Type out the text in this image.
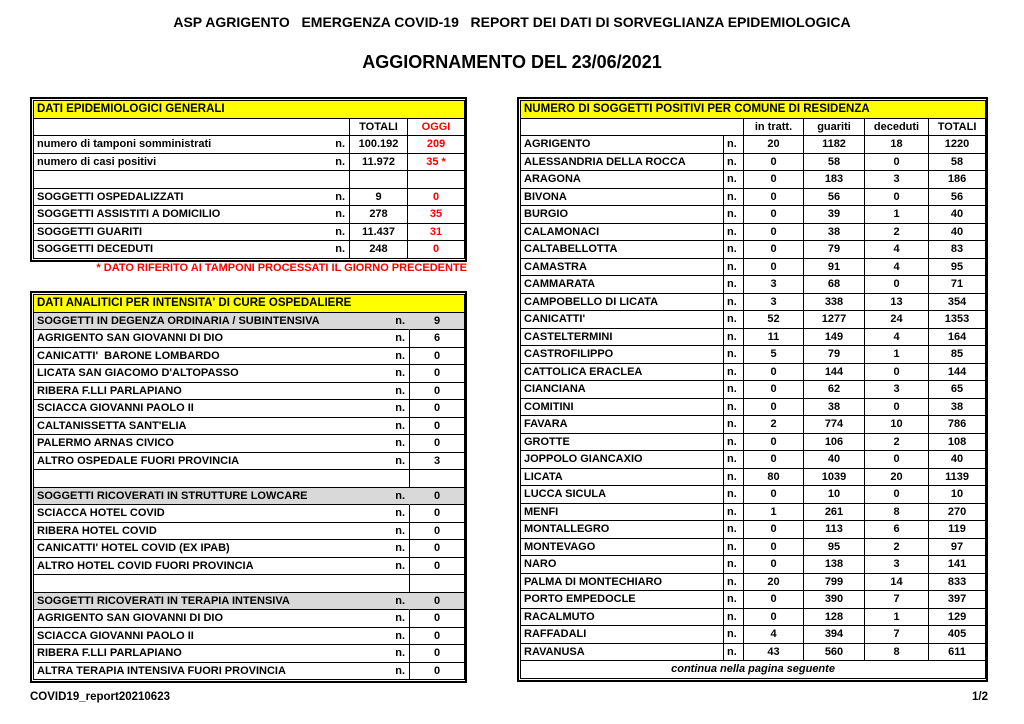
ASP AGRIGENTO   EMERGENZA COVID-19   REPORT DEI DATI DI SORVEGLIANZA EPIDEMIOLOGICA
AGGIORNAMENTO DEL 23/06/2021
DATI EPIDEMIOLOGICI GENERALI		
	TOTALI	OGGI

numero di tamponi somministrati n.	100.192	209

numero di casi positivi n.	11.972	35 *

SOGGETTI OSPEDALIZZATI n.	9	0

SOGGETTI ASSISTITI A DOMICILIO n.	278	35

SOGGETTI GUARITI n.	11.437	31

SOGGETTI DECEDUTI n.	248	0
* DATO RIFERITO AI TAMPONI PROCESSATI IL GIORNO PRECEDENTE
DATI ANALITICI PER INTENSITA' DI CURE OSPEDALIERE	

SOGGETTI IN DEGENZA ORDINARIA / SUBINTENSIVA n.	9

AGRIGENTO SAN GIOVANNI DI DIO n.	6

CANICATTI'  BARONE LOMBARDO n.	0

LICATA SAN GIACOMO D'ALTOPASSO n.	0

RIBERA F.LLI PARLAPIANO n.	0

SCIACCA GIOVANNI PAOLO II n.	0

CALTANISSETTA SANT'ELIA n.	0

PALERMO ARNAS CIVICO n.	0

ALTRO OSPEDALE FUORI PROVINCIA n.	3

SOGGETTI RICOVERATI IN STRUTTURE LOWCARE n.	0

SCIACCA HOTEL COVID n.	0

RIBERA HOTEL COVID n.	0

CANICATTI' HOTEL COVID (EX IPAB) n.	0

ALTRO HOTEL COVID FUORI PROVINCIA n.	0

SOGGETTI RICOVERATI IN TERAPIA INTENSIVA n.	0

AGRIGENTO SAN GIOVANNI DI DIO n.	0

SCIACCA GIOVANNI PAOLO II n.	0

RIBERA F.LLI PARLAPIANO n.	0

ALTRA TERAPIA INTENSIVA FUORI PROVINCIA n.	0
NUMERO DI SOGGETTI POSITIVI PER COMUNE DI RESIDENZA					
		in tratt.	guariti	deceduti	TOTALI
AGRIGENTO	n.	20	1182	18	1220
ALESSANDRIA DELLA ROCCA	n.	0	58	0	58
ARAGONA	n.	0	183	3	186
BIVONA	n.	0	56	0	56
BURGIO	n.	0	39	1	40
CALAMONACI	n.	0	38	2	40
CALTABELLOTTA	n.	0	79	4	83
CAMASTRA	n.	0	91	4	95
CAMMARATA	n.	3	68	0	71
CAMPOBELLO DI LICATA	n.	3	338	13	354
CANICATTI'	n.	52	1277	24	1353
CASTELTERMINI	n.	11	149	4	164
CASTROFILIPPO	n.	5	79	1	85
CATTOLICA ERACLEA	n.	0	144	0	144
CIANCIANA	n.	0	62	3	65
COMITINI	n.	0	38	0	38
FAVARA	n.	2	774	10	786
GROTTE	n.	0	106	2	108
JOPPOLO GIANCAXIO	n.	0	40	0	40
LICATA	n.	80	1039	20	1139
LUCCA SICULA	n.	0	10	0	10
MENFI	n.	1	261	8	270
MONTALLEGRO	n.	0	113	6	119
MONTEVAGO	n.	0	95	2	97
NARO	n.	0	138	3	141
PALMA DI MONTECHIARO	n.	20	799	14	833
PORTO EMPEDOCLE	n.	0	390	7	397
RACALMUTO	n.	0	128	1	129
RAFFADALI	n.	4	394	7	405
RAVANUSA	n.	43	560	8	611
continua nella pagina seguente					
COVID19_report20210623	1/2
